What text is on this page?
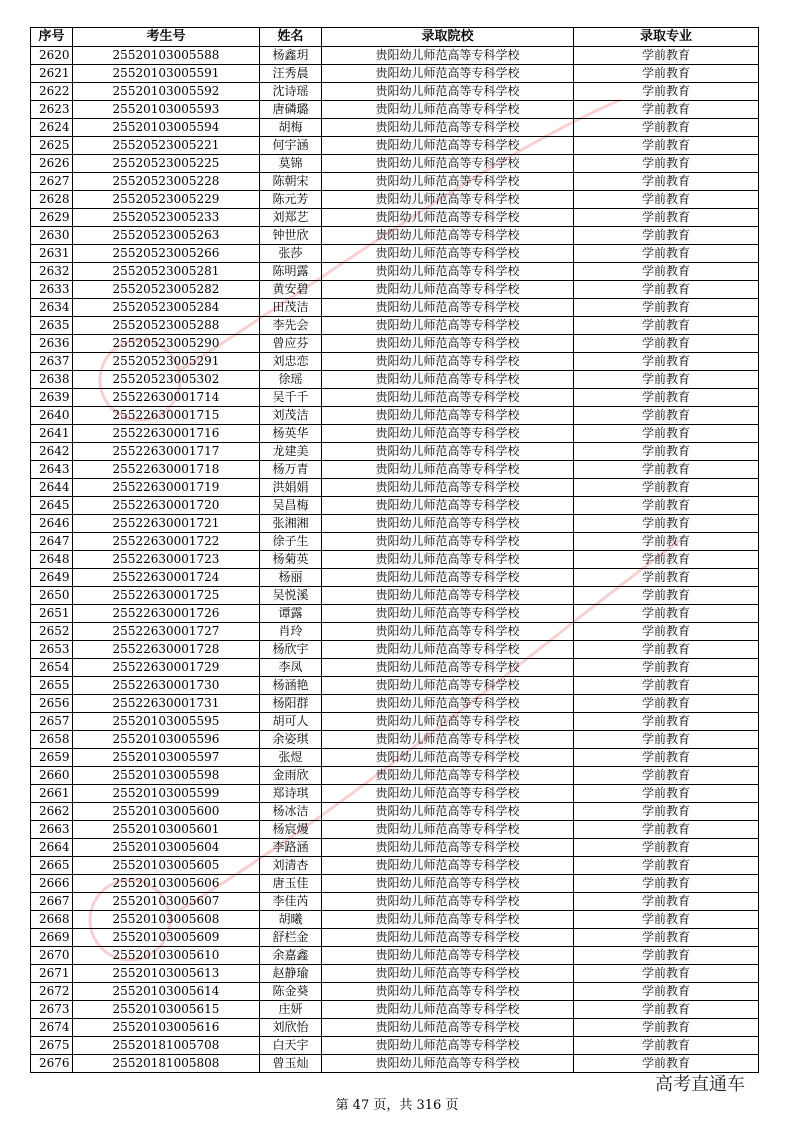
序号	考生号	姓名	录取院校	录取专业
2620	25520103005588	杨鑫玥	贵阳幼儿师范高等专科学校	学前教育
2621	25520103005591	汪秀晨	贵阳幼儿师范高等专科学校	学前教育
2622	25520103005592	沈诗瑶	贵阳幼儿师范高等专科学校	学前教育
2623	25520103005593	唐磷璐	贵阳幼儿师范高等专科学校	学前教育
2624	25520103005594	胡梅	贵阳幼儿师范高等专科学校	学前教育
2625	25520523005221	何宇涵	贵阳幼儿师范高等专科学校	学前教育
2626	25520523005225	莫锦	贵阳幼儿师范高等专科学校	学前教育
2627	25520523005228	陈朝宋	贵阳幼儿师范高等专科学校	学前教育
2628	25520523005229	陈元芳	贵阳幼儿师范高等专科学校	学前教育
2629	25520523005233	刘郑艺	贵阳幼儿师范高等专科学校	学前教育
2630	25520523005263	钟世欣	贵阳幼儿师范高等专科学校	学前教育
2631	25520523005266	张莎	贵阳幼儿师范高等专科学校	学前教育
2632	25520523005281	陈明露	贵阳幼儿师范高等专科学校	学前教育
2633	25520523005282	黄安碧	贵阳幼儿师范高等专科学校	学前教育
2634	25520523005284	田茂洁	贵阳幼儿师范高等专科学校	学前教育
2635	25520523005288	李先会	贵阳幼儿师范高等专科学校	学前教育
2636	25520523005290	曾应芬	贵阳幼儿师范高等专科学校	学前教育
2637	25520523005291	刘忠恋	贵阳幼儿师范高等专科学校	学前教育
2638	25520523005302	徐瑶	贵阳幼儿师范高等专科学校	学前教育
2639	25522630001714	吴千千	贵阳幼儿师范高等专科学校	学前教育
2640	25522630001715	刘茂洁	贵阳幼儿师范高等专科学校	学前教育
2641	25522630001716	杨英华	贵阳幼儿师范高等专科学校	学前教育
2642	25522630001717	龙建美	贵阳幼儿师范高等专科学校	学前教育
2643	25522630001718	杨万青	贵阳幼儿师范高等专科学校	学前教育
2644	25522630001719	洪娟娟	贵阳幼儿师范高等专科学校	学前教育
2645	25522630001720	吴昌梅	贵阳幼儿师范高等专科学校	学前教育
2646	25522630001721	张湘湘	贵阳幼儿师范高等专科学校	学前教育
2647	25522630001722	徐子生	贵阳幼儿师范高等专科学校	学前教育
2648	25522630001723	杨菊英	贵阳幼儿师范高等专科学校	学前教育
2649	25522630001724	杨丽	贵阳幼儿师范高等专科学校	学前教育
2650	25522630001725	吴悦溪	贵阳幼儿师范高等专科学校	学前教育
2651	25522630001726	谭露	贵阳幼儿师范高等专科学校	学前教育
2652	25522630001727	肖玲	贵阳幼儿师范高等专科学校	学前教育
2653	25522630001728	杨欣宇	贵阳幼儿师范高等专科学校	学前教育
2654	25522630001729	李凤	贵阳幼儿师范高等专科学校	学前教育
2655	25522630001730	杨涵艳	贵阳幼儿师范高等专科学校	学前教育
2656	25522630001731	杨阳群	贵阳幼儿师范高等专科学校	学前教育
2657	25520103005595	胡可人	贵阳幼儿师范高等专科学校	学前教育
2658	25520103005596	余姿琪	贵阳幼儿师范高等专科学校	学前教育
2659	25520103005597	张煜	贵阳幼儿师范高等专科学校	学前教育
2660	25520103005598	金雨欣	贵阳幼儿师范高等专科学校	学前教育
2661	25520103005599	郑诗琪	贵阳幼儿师范高等专科学校	学前教育
2662	25520103005600	杨冰洁	贵阳幼儿师范高等专科学校	学前教育
2663	25520103005601	杨宸熳	贵阳幼儿师范高等专科学校	学前教育
2664	25520103005604	李路涵	贵阳幼儿师范高等专科学校	学前教育
2665	25520103005605	刘清杏	贵阳幼儿师范高等专科学校	学前教育
2666	25520103005606	唐玉佳	贵阳幼儿师范高等专科学校	学前教育
2667	25520103005607	李佳芮	贵阳幼儿师范高等专科学校	学前教育
2668	25520103005608	胡曦	贵阳幼儿师范高等专科学校	学前教育
2669	25520103005609	舒栏金	贵阳幼儿师范高等专科学校	学前教育
2670	25520103005610	余嘉鑫	贵阳幼儿师范高等专科学校	学前教育
2671	25520103005613	赵静瑜	贵阳幼儿师范高等专科学校	学前教育
2672	25520103005614	陈金葵	贵阳幼儿师范高等专科学校	学前教育
2673	25520103005615	庄妍	贵阳幼儿师范高等专科学校	学前教育
2674	25520103005616	刘欣怡	贵阳幼儿师范高等专科学校	学前教育
2675	25520181005708	白天宇	贵阳幼儿师范高等专科学校	学前教育
2676	25520181005808	曾玉灿	贵阳幼儿师范高等专科学校	学前教育
第 47 页，共 316 页
高考直通车
